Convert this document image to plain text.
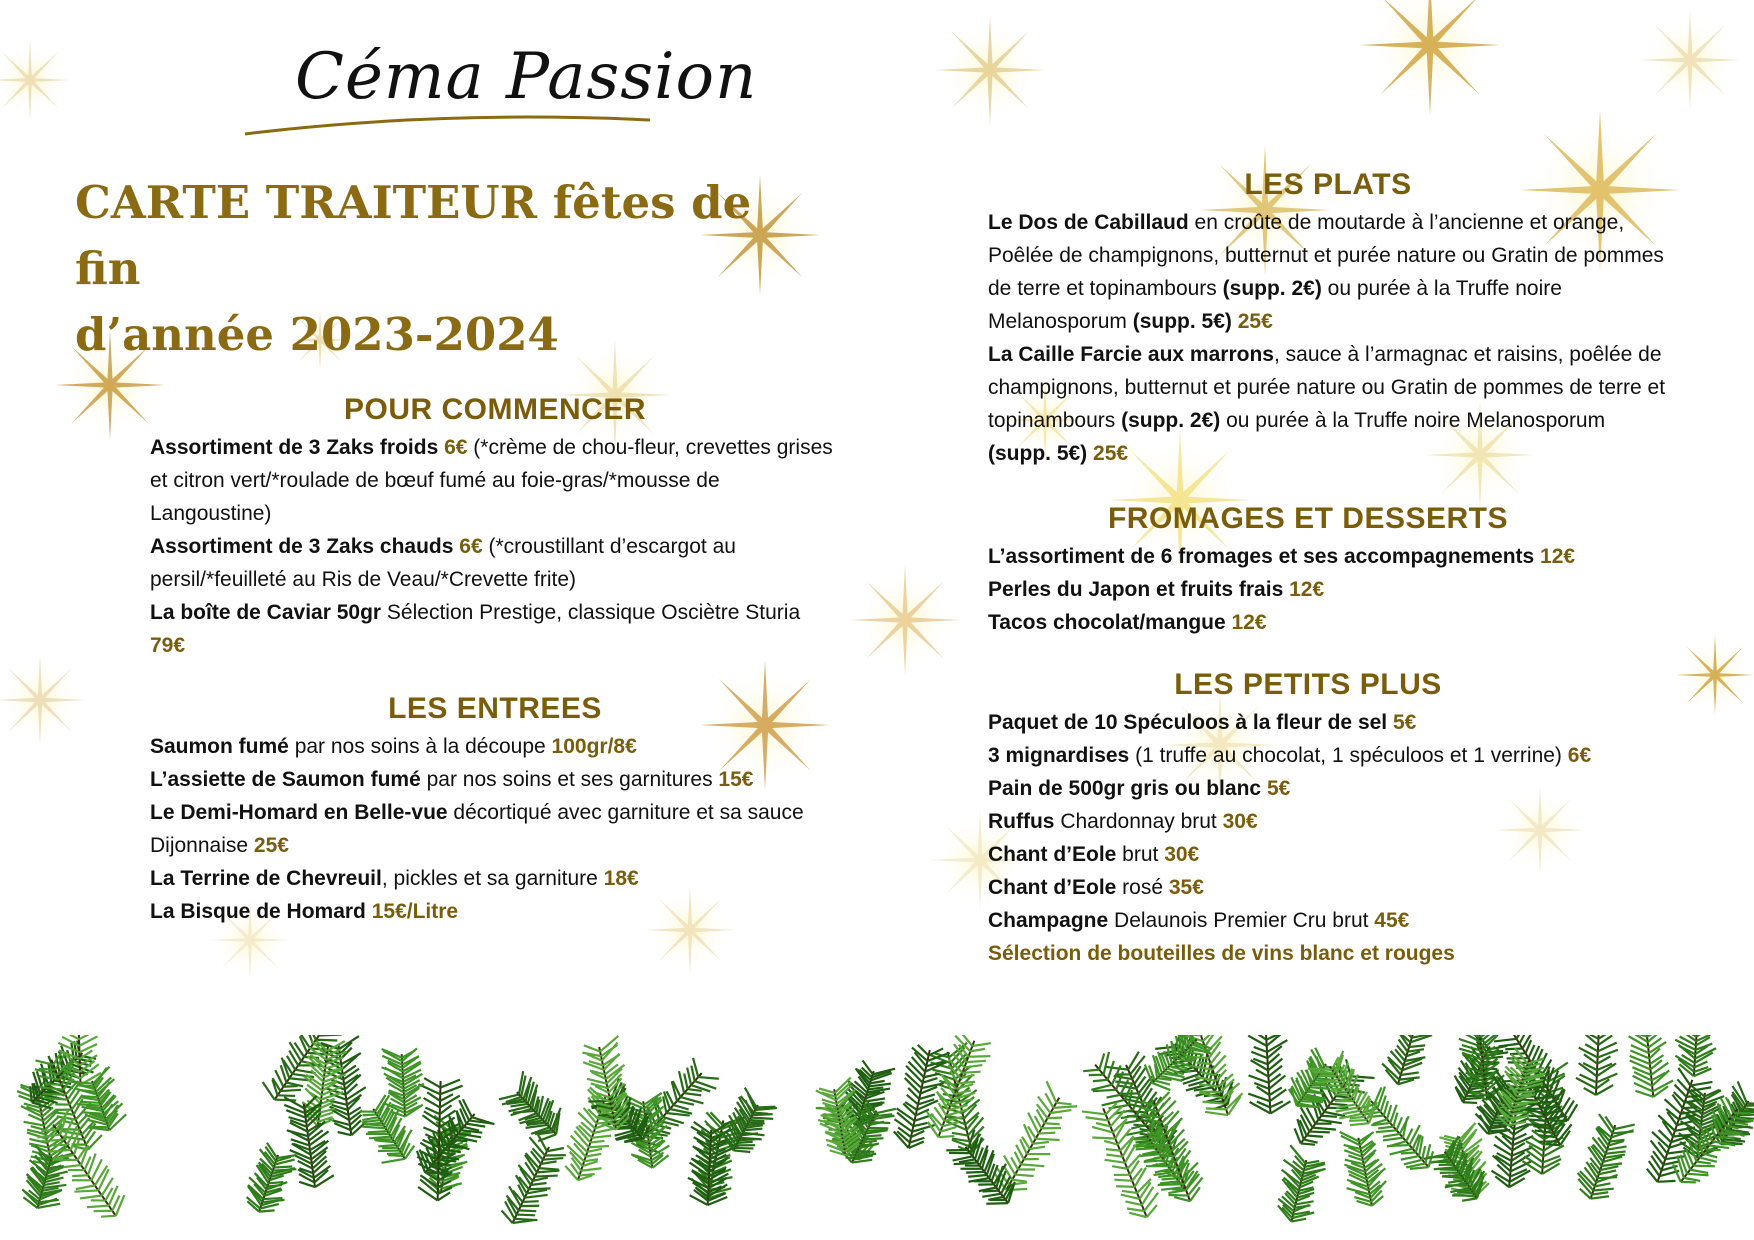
Céma Passion
CARTE TRAITEUR fêtes de fin
d’année 2023-2024
POUR COMMENCER
Assortiment de 3 Zaks froids 6€ (*crème de chou-fleur, crevettes grises et citron vert/*roulade de bœuf fumé au foie-gras/*mousse de Langoustine)
Assortiment de 3 Zaks chauds 6€ (*croustillant d’escargot au persil/*feuilleté au Ris de Veau/*Crevette frite)
La boîte de Caviar 50gr Sélection Prestige, classique Osciètre Sturia 79€
LES ENTREES
Saumon fumé par nos soins à la découpe 100gr/8€
L’assiette de Saumon fumé par nos soins et ses garnitures 15€
Le Demi-Homard en Belle-vue décortiqué avec garniture et sa sauce Dijonnaise 25€
La Terrine de Chevreuil, pickles et sa garniture 18€
La Bisque de Homard 15€/Litre
LES PLATS
Le Dos de Cabillaud en croûte de moutarde à l’ancienne et orange, Poêlée de champignons, butternut et purée nature ou Gratin de pommes de terre et topinambours (supp. 2€) ou purée à la Truffe noire Melanosporum (supp. 5€) 25€
La Caille Farcie aux marrons, sauce à l’armagnac et raisins, poêlée de champignons, butternut et purée nature ou Gratin de pommes de terre et topinambours (supp. 2€) ou purée à la Truffe noire Melanosporum (supp. 5€) 25€
FROMAGES ET DESSERTS
L’assortiment de 6 fromages et ses accompagnements 12€
Perles du Japon et fruits frais 12€
Tacos chocolat/mangue 12€
LES PETITS PLUS
Paquet de 10 Spéculoos à la fleur de sel 5€
3 mignardises (1 truffe au chocolat, 1 spéculoos et 1 verrine) 6€
Pain de 500gr gris ou blanc 5€
Ruffus Chardonnay brut 30€
Chant d’Eole brut 30€
Chant d’Eole rosé 35€
Champagne Delaunois Premier Cru brut 45€
Sélection de bouteilles de vins blanc et rouges
